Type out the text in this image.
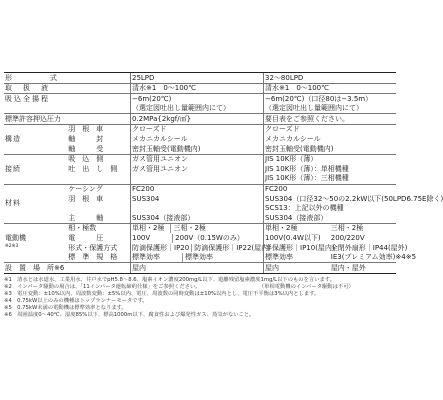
形　　　　式		25LPD	32〜80LPD	
取　扱　液		清水※1　0〜100℃	清水※1　0〜100℃	
吸込全揚程		−6m(20℃)	−6m(20℃)（口径80は−3.5m）	
		（選定図吐出し量範囲内にて）	（選定図吐出し量範囲内にて）	
標準許容押込圧力		0.2MPa{2kgf/㎠}	要目表をご参照ください。	
構造	羽　根　車	クローズド	クローズド	
	軸　　　封	メカニカルシール	メカニカルシール	
	軸　　　受	密封玉軸受(電動機内)	密封玉軸受(電動機内)	
接続	吸　込　側	ガス管用ユニオン	JIS 10K形（薄）	
	吐　出　し　側	ガス管用ユニオン	JIS 10K形（薄）：単相機種	
			JIS 10K形（薄）：三相機種	
材料	ケーシング	FC200	FC200	
	羽　根　車	SUS304	SUS304（口径32〜50の2.2kW以下(50LPD6.75E除く)	
			SCS13：上記以外の機種	
	主　　　軸	SUS304（接液部）	SUS304（接液部）	
電動機
$^{※2※3}$	相・極数	単相・2極 三相・2極	単相・2極	三相・2極
	電　　　圧	100V 200V（0.15Wのみ）	100V(0.4W以下)	200/220V
	形式・保護方式	防滴保護形｜IP20 防滴保護形｜IP22(屋内)	半保護形｜IP10(屋内)	全閉外扇形｜IP44(屋外)
	標　準　規　格	標準効率 標準効率	標準効率	IE3(プレミアム効率)※4※5
設　置　場　所※6		屋内	屋内	屋内・屋外
※1　清水とは水道水、工業用水、井戸水でpH5.8〜8.6、塩素イオン濃度200mg/L以下、遊離残留塩素濃度1mg/L以下のものを言います。
※2　インバータ駆動の場合は、「11インバータ運転締約仕様」をご参照ください。　　　　　　　　　　　　（単相電動機のインバータ駆動は不可）
※3　電圧変動：±10%以内、周波数変動：±5%以内、電圧、周波数の同時変動は±10%以内とし、電圧不平衡は3%以内とします。
※4　0.75kW以上のみの機種はトップランナーモータです。
※5　0.75kW未満の電動機は標準効率となります。
※6　周囲温度0〜40℃、湿度85%以下、標高1000m以下、腐食性および爆発性ガス、蒸気がないこと。
